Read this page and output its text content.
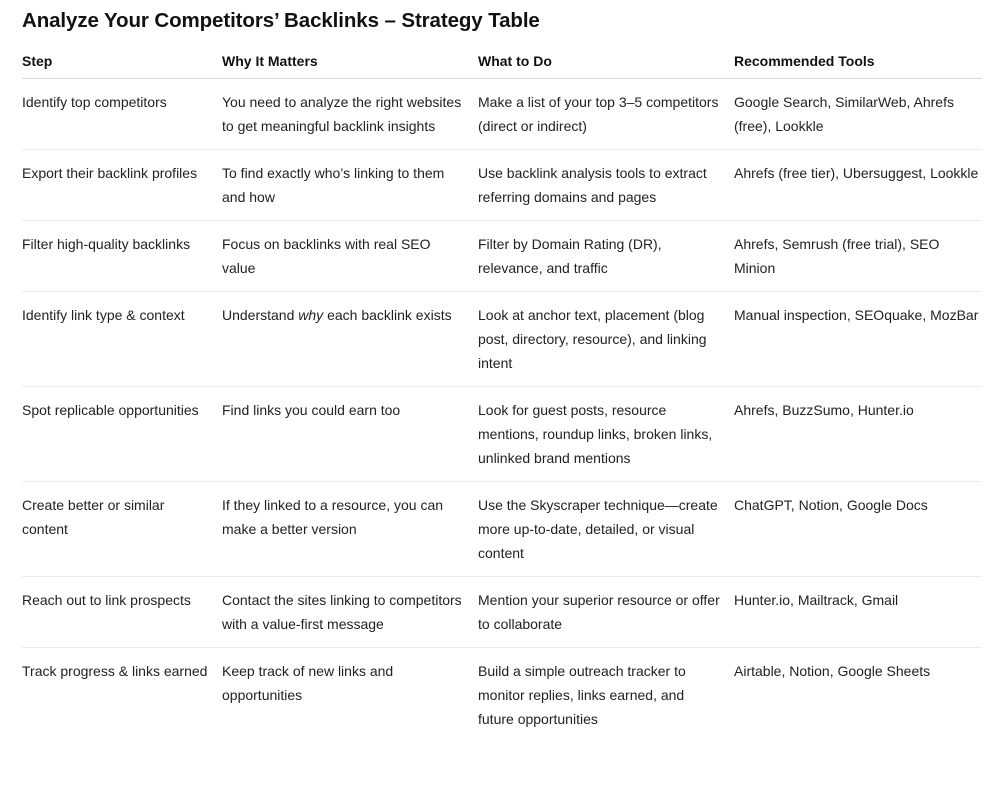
Analyze Your Competitors’ Backlinks – Strategy Table
Step	Why It Matters	What to Do	Recommended Tools
Identify top competitors	You need to analyze the right websites to get meaningful backlink insights	Make a list of your top 3–5 competitors (direct or indirect)	Google Search, SimilarWeb, Ahrefs (free), Lookkle
Export their backlink profiles	To find exactly who’s linking to them and how	Use backlink analysis tools to extract referring domains and pages	Ahrefs (free tier), Ubersuggest, Lookkle
Filter high-quality backlinks	Focus on backlinks with real SEO value	Filter by Domain Rating (DR), relevance, and traffic	Ahrefs, Semrush (free trial), SEO Minion
Identify link type & context	Understand why each backlink exists	Look at anchor text, placement (blog post, directory, resource), and linking intent	Manual inspection, SEOquake, MozBar
Spot replicable opportunities	Find links you could earn too	Look for guest posts, resource mentions, roundup links, broken links, unlinked brand mentions	Ahrefs, BuzzSumo, Hunter.io
Create better or similar content	If they linked to a resource, you can make a better version	Use the Skyscraper technique—create more up-to-date, detailed, or visual content	ChatGPT, Notion, Google Docs
Reach out to link prospects	Contact the sites linking to competitors with a value-first message	Mention your superior resource or offer to collaborate	Hunter.io, Mailtrack, Gmail
Track progress & links earned	Keep track of new links and opportunities	Build a simple outreach tracker to monitor replies, links earned, and future opportunities	Airtable, Notion, Google Sheets
